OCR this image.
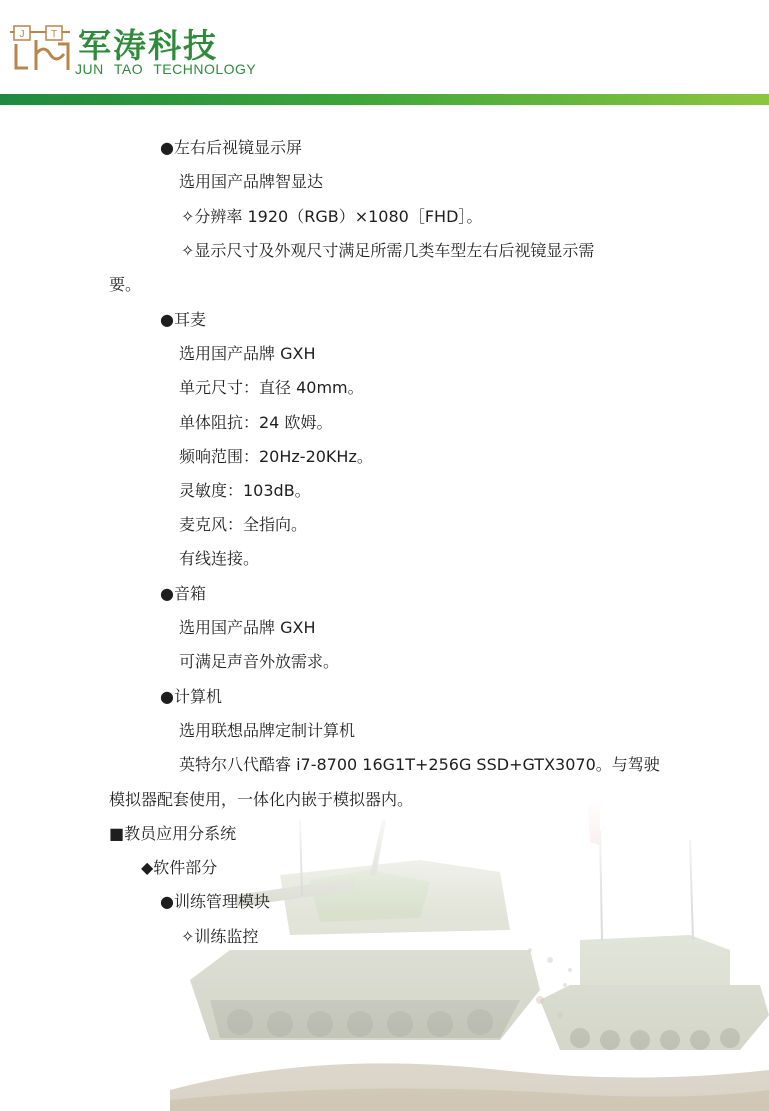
J	T 军涛科技
JUN TAO TECHNOLOGY
●左右后视镜显示屏
选用国产品牌智显达
✧分辨率 1920（RGB）×1080［FHD］。
✧显示尺寸及外观尺寸满足所需几类车型左右后视镜显示需
要。
●耳麦
选用国产品牌 GXH
单元尺寸：直径 40mm。
单体阻抗：24 欧姆。
频响范围：20Hz-20KHz。
灵敏度：103dB。
麦克风：全指向。
有线连接。
●音箱
选用国产品牌 GXH
可满足声音外放需求。
●计算机
选用联想品牌定制计算机
英特尔八代酷睿 i7-8700 16G1T+256G SSD+GTX3070。与驾驶
模拟器配套使用，一体化内嵌于模拟器内。
■教员应用分系统
◆软件部分
●训练管理模块
✧训练监控
